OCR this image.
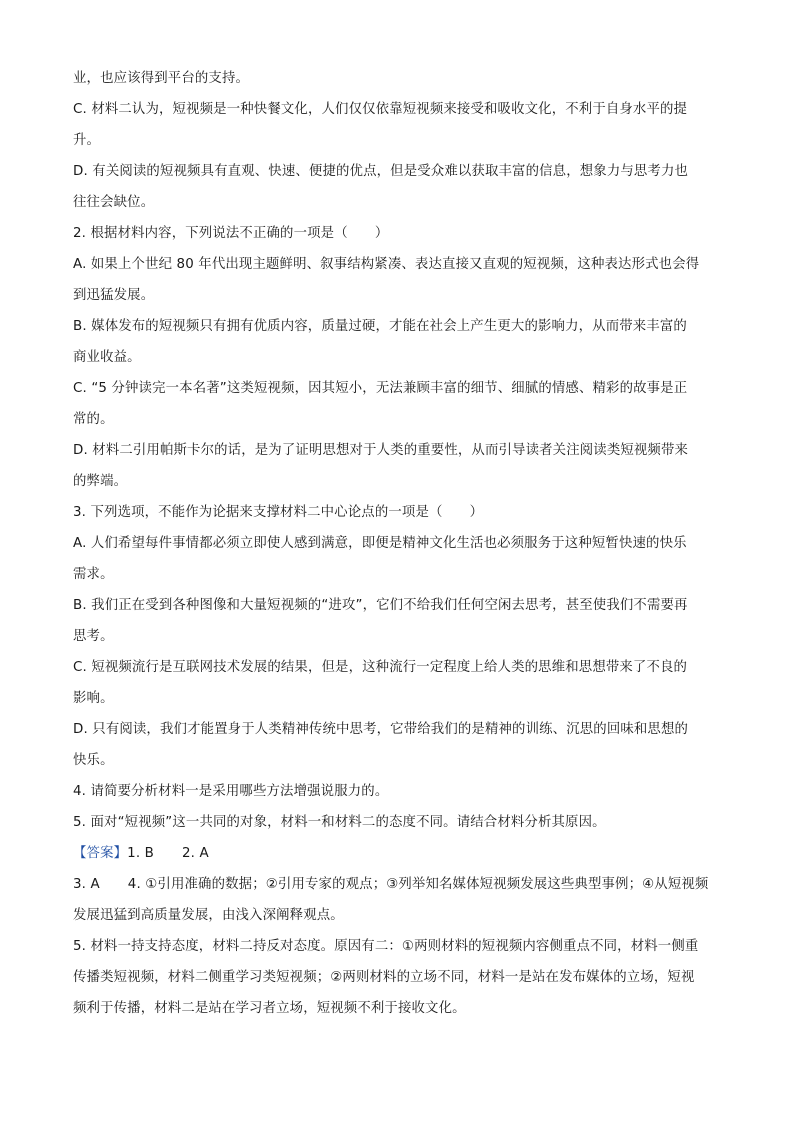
业，也应该得到平台的支持。
C. 材料二认为，短视频是一种快餐文化，人们仅仅依靠短视频来接受和吸收文化，不利于自身水平的提
升。
D. 有关阅读的短视频具有直观、快速、便捷的优点，但是受众难以获取丰富的信息，想象力与思考力也
往往会缺位。
2. 根据材料内容，下列说法不正确的一项是（　　）
A. 如果上个世纪 80 年代出现主题鲜明、叙事结构紧凑、表达直接又直观的短视频，这种表达形式也会得
到迅猛发展。
B. 媒体发布的短视频只有拥有优质内容，质量过硬，才能在社会上产生更大的影响力，从而带来丰富的
商业收益。
C. “5 分钟读完一本名著”这类短视频，因其短小，无法兼顾丰富的细节、细腻的情感、精彩的故事是正
常的。
D. 材料二引用帕斯卡尔的话，是为了证明思想对于人类的重要性，从而引导读者关注阅读类短视频带来
的弊端。
3. 下列选项，不能作为论据来支撑材料二中心论点的一项是（　　）
A. 人们希望每件事情都必须立即使人感到满意，即便是精神文化生活也必须服务于这种短暂快速的快乐
需求。
B. 我们正在受到各种图像和大量短视频的“进攻”，它们不给我们任何空闲去思考，甚至使我们不需要再
思考。
C. 短视频流行是互联网技术发展的结果，但是，这种流行一定程度上给人类的思维和思想带来了不良的
影响。
D. 只有阅读，我们才能置身于人类精神传统中思考，它带给我们的是精神的训练、沉思的回味和思想的
快乐。
4. 请简要分析材料一是采用哪些方法增强说服力的。
5. 面对“短视频”这一共同的对象，材料一和材料二的态度不同。请结合材料分析其原因。
【答案】1. B 2. A
3. A 4. ①引用准确的数据；②引用专家的观点；③列举知名媒体短视频发展这些典型事例；④从短视频
发展迅猛到高质量发展，由浅入深阐释观点。
5. 材料一持支持态度，材料二持反对态度。原因有二：①两则材料的短视频内容侧重点不同，材料一侧重
传播类短视频，材料二侧重学习类短视频；②两则材料的立场不同，材料一是站在发布媒体的立场，短视
频利于传播，材料二是站在学习者立场，短视频不利于接收文化。
